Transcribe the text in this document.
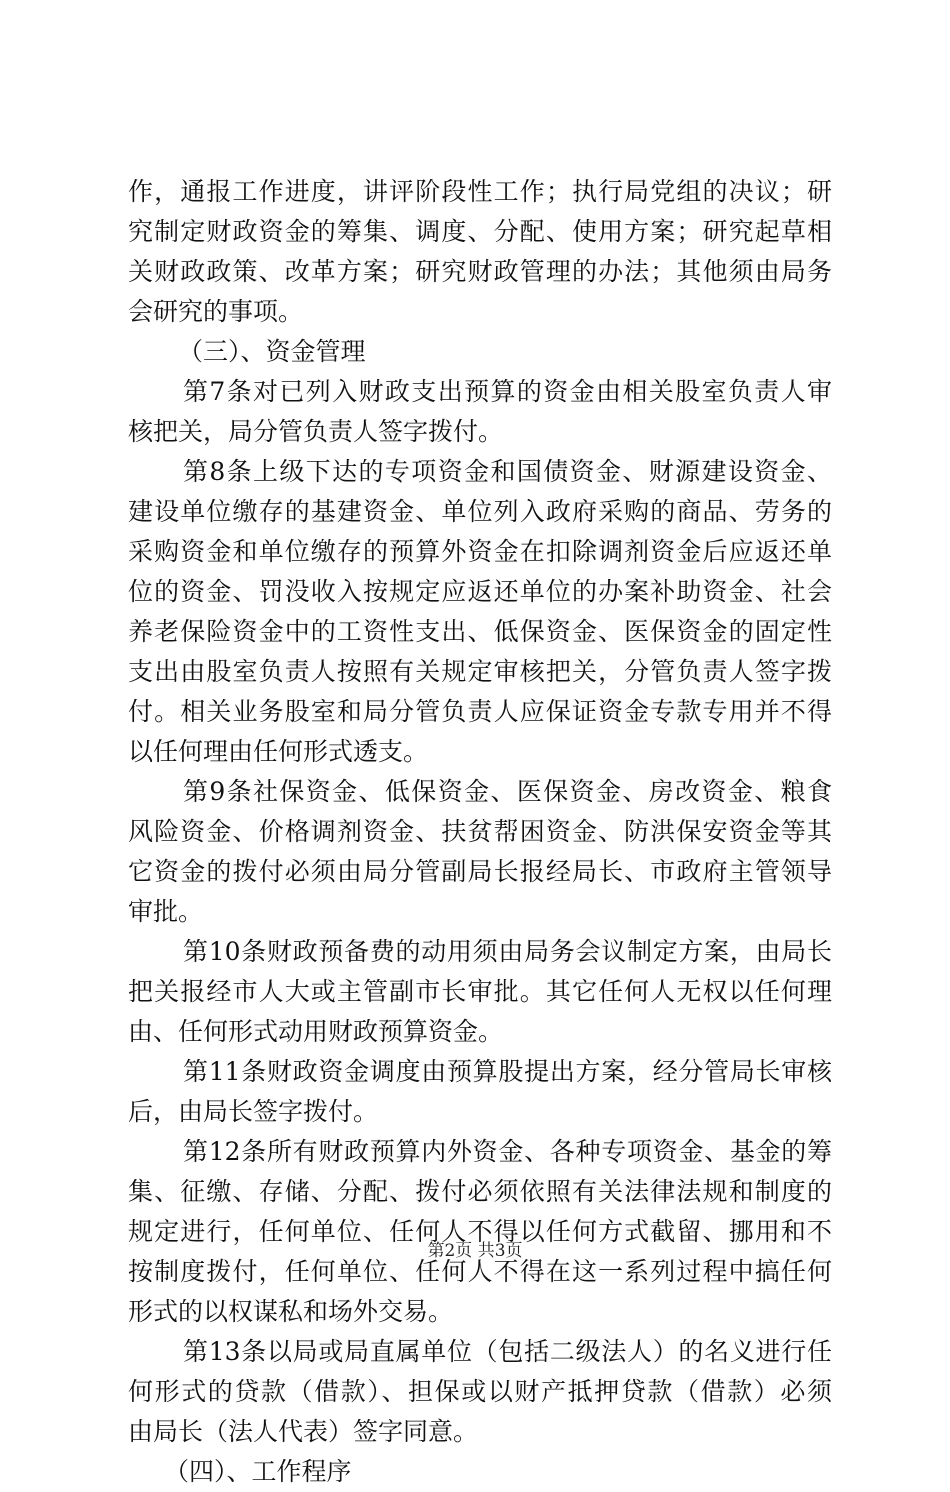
作，通报工作进度，讲评阶段性工作；执行局党组的决议；研
究制定财政资金的筹集、调度、分配、使用方案；研究起草相
关财政政策、改革方案；研究财政管理的办法；其他须由局务
会研究的事项。
（三）、资金管理
第7条对已列入财政支出预算的资金由相关股室负责人审
核把关，局分管负责人签字拨付。
第8条上级下达的专项资金和国债资金、财源建设资金、
建设单位缴存的基建资金、单位列入政府采购的商品、劳务的
采购资金和单位缴存的预算外资金在扣除调剂资金后应返还单
位的资金、罚没收入按规定应返还单位的办案补助资金、社会
养老保险资金中的工资性支出、低保资金、医保资金的固定性
支出由股室负责人按照有关规定审核把关，分管负责人签字拨
付。相关业务股室和局分管负责人应保证资金专款专用并不得
以任何理由任何形式透支。
第9条社保资金、低保资金、医保资金、房改资金、粮食
风险资金、价格调剂资金、扶贫帮困资金、防洪保安资金等其
它资金的拨付必须由局分管副局长报经局长、市政府主管领导
审批。
第10条财政预备费的动用须由局务会议制定方案，由局长
把关报经市人大或主管副市长审批。其它任何人无权以任何理
由、任何形式动用财政预算资金。
第11条财政资金调度由预算股提出方案，经分管局长审核
后，由局长签字拨付。
第12条所有财政预算内外资金、各种专项资金、基金的筹
集、征缴、存储、分配、拨付必须依照有关法律法规和制度的
规定进行，任何单位、任何人不得以任何方式截留、挪用和不
按制度拨付，任何单位、任何人不得在这一系列过程中搞任何
形式的以权谋私和场外交易。
第13条以局或局直属单位（包括二级法人）的名义进行任
何形式的贷款（借款）、担保或以财产抵押贷款（借款）必须
由局长（法人代表）签字同意。
（四）、工作程序
第2页 共3页
